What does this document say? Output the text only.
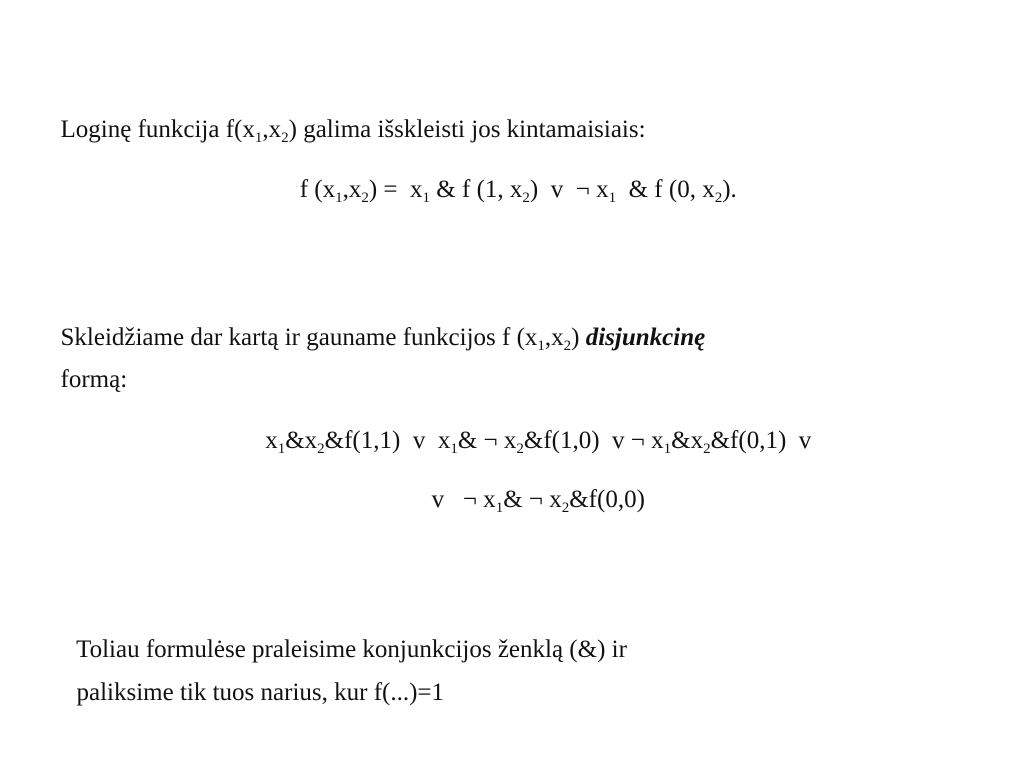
Loginę funkcija $f(x_1,x_2)$ galima išskleisti jos kintamaisiais:

f $(x_1,x_2) = x_1$ & f (1, $x_2$)  v  ¬ $x_1$  & f (0, $x_2$).

Skleidžiame dar kartą ir gauname funkcijos f $(x_1,x_2)$ disjunkcinę

formą:

$x_1\&x_2\&f(1,1)$  v  $x_1\&$ ¬ $x_2\&f(1,0)$  v ¬ $x_1\&x_2\&f(0,1)$  v

v   ¬ $x_1\&$ ¬ $x_2\&f(0,0)$

Toliau formulėse praleisime konjunkcijos ženklą (&) ir

paliksime tik tuos narius, kur f(...)=1
